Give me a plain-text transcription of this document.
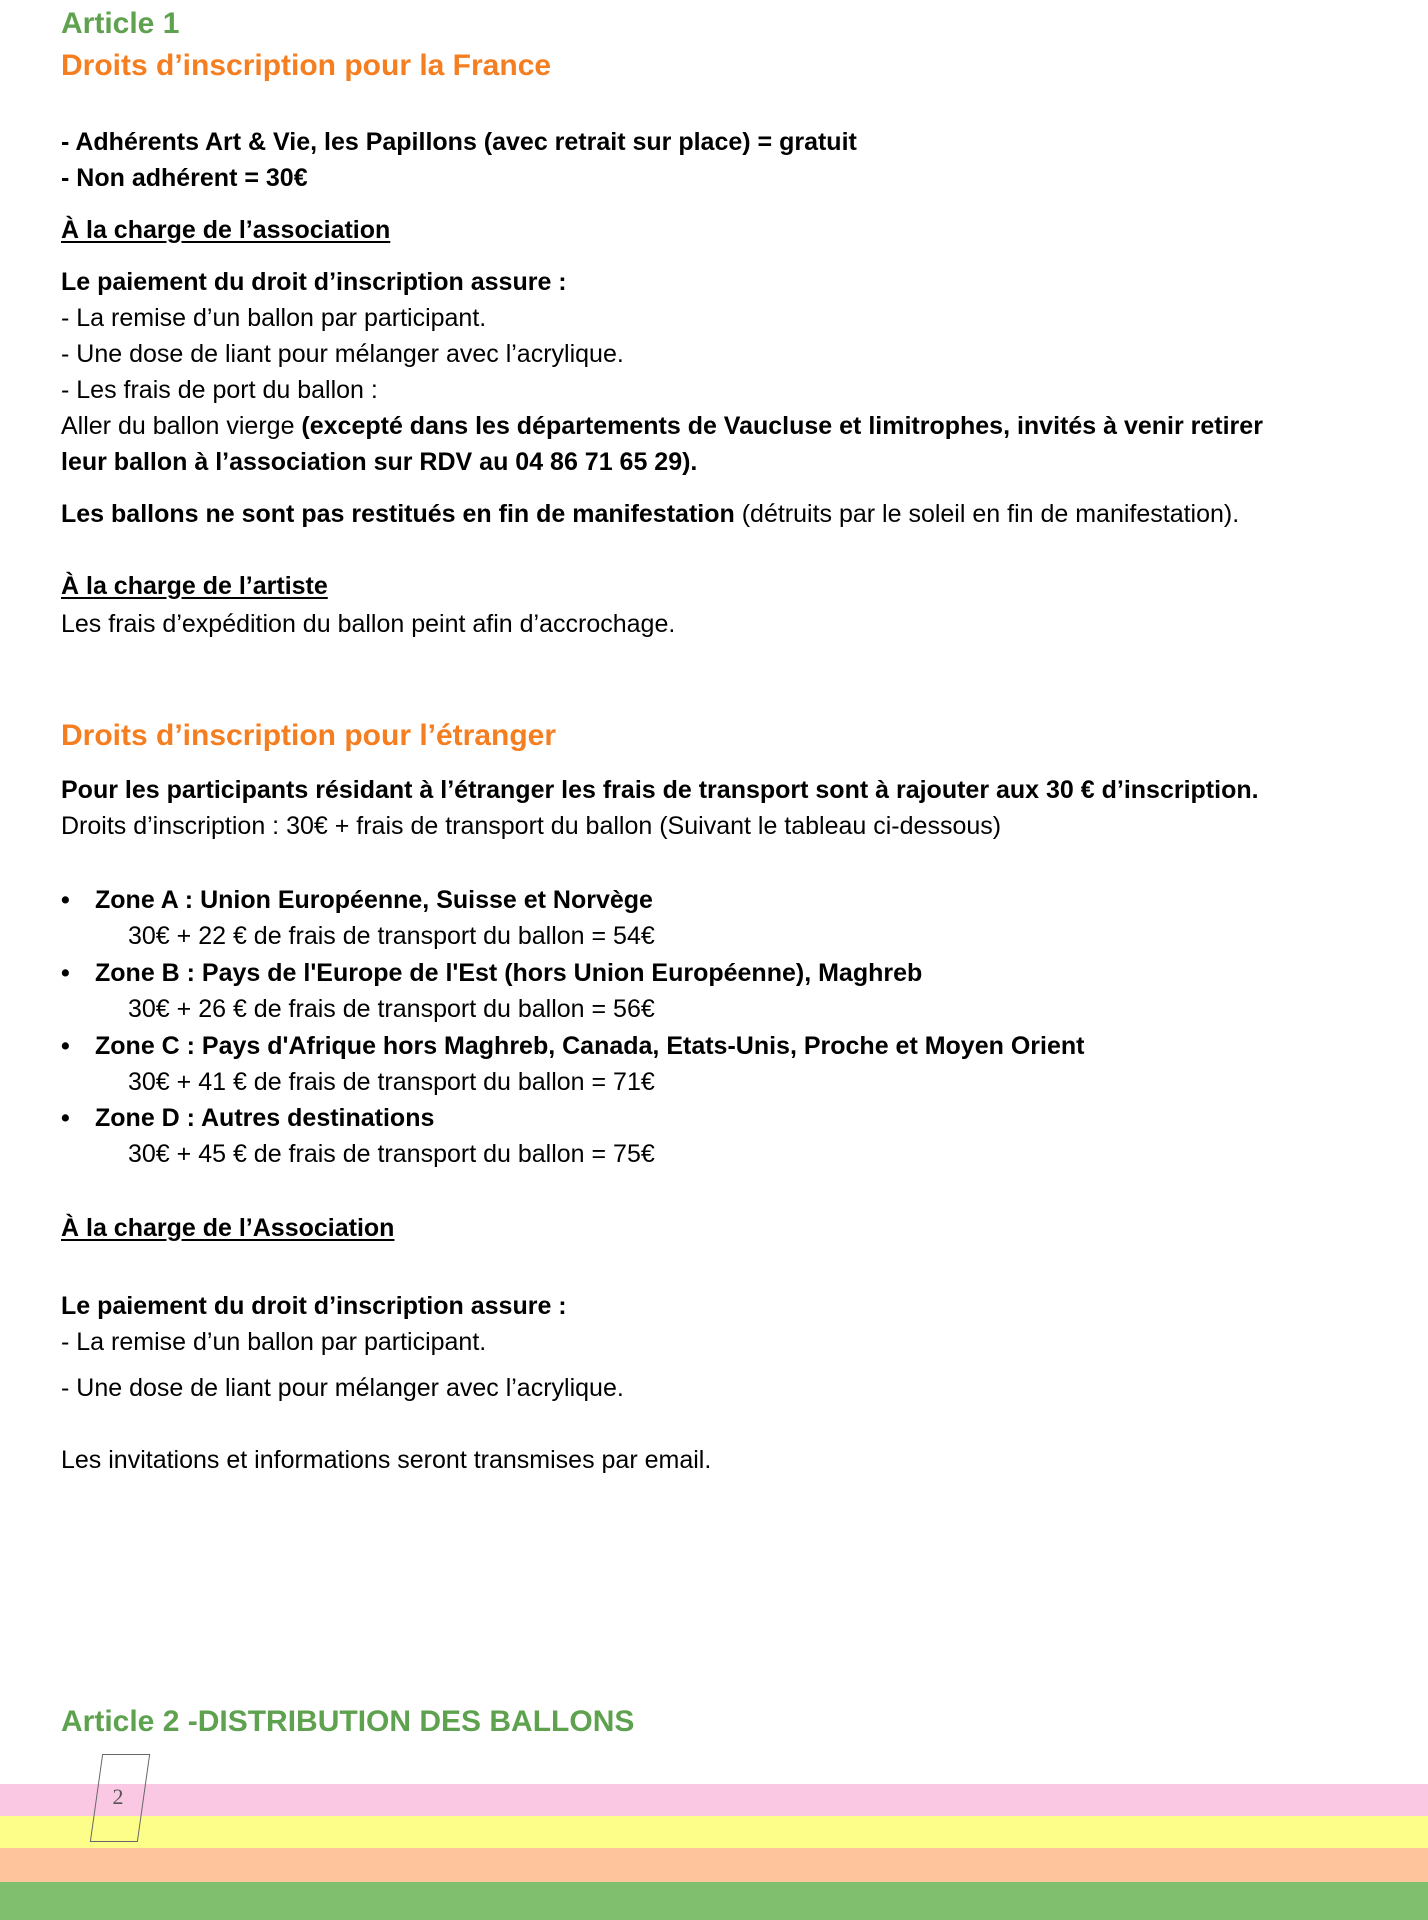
Article 1
Droits d’inscription pour la France
- Adhérents Art & Vie, les Papillons (avec retrait sur place) = gratuit
- Non adhérent = 30€
À la charge de l’association
Le paiement du droit d’inscription assure :
- La remise d’un ballon par participant.
- Une dose de liant pour mélanger avec l’acrylique.
- Les frais de port du ballon :
Aller du ballon vierge (excepté dans les départements de Vaucluse et limitrophes, invités à venir retirer
leur ballon à l’association sur RDV au 04 86 71 65 29).
Les ballons ne sont pas restitués en fin de manifestation (détruits par le soleil en fin de manifestation).
À la charge de l’artiste
Les frais d’expédition du ballon peint afin d’accrochage.
Droits d’inscription pour l’étranger
Pour les participants résidant à l’étranger les frais de transport sont à rajouter aux 30 € d’inscription.
Droits d’inscription : 30€ + frais de transport du ballon (Suivant le tableau ci-dessous)
• Zone A : Union Européenne, Suisse et Norvège
30€ + 22 € de frais de transport du ballon = 54€
• Zone B : Pays de l'Europe de l'Est (hors Union Européenne), Maghreb
30€ + 26 € de frais de transport du ballon = 56€
• Zone C : Pays d'Afrique hors Maghreb, Canada, Etats-Unis, Proche et Moyen Orient
30€ + 41 € de frais de transport du ballon = 71€
• Zone D : Autres destinations
30€ + 45 € de frais de transport du ballon = 75€
À la charge de l’Association
Le paiement du droit d’inscription assure :
- La remise d’un ballon par participant.
- Une dose de liant pour mélanger avec l’acrylique.
Les invitations et informations seront transmises par email.
Article 2 -DISTRIBUTION DES BALLONS
2
